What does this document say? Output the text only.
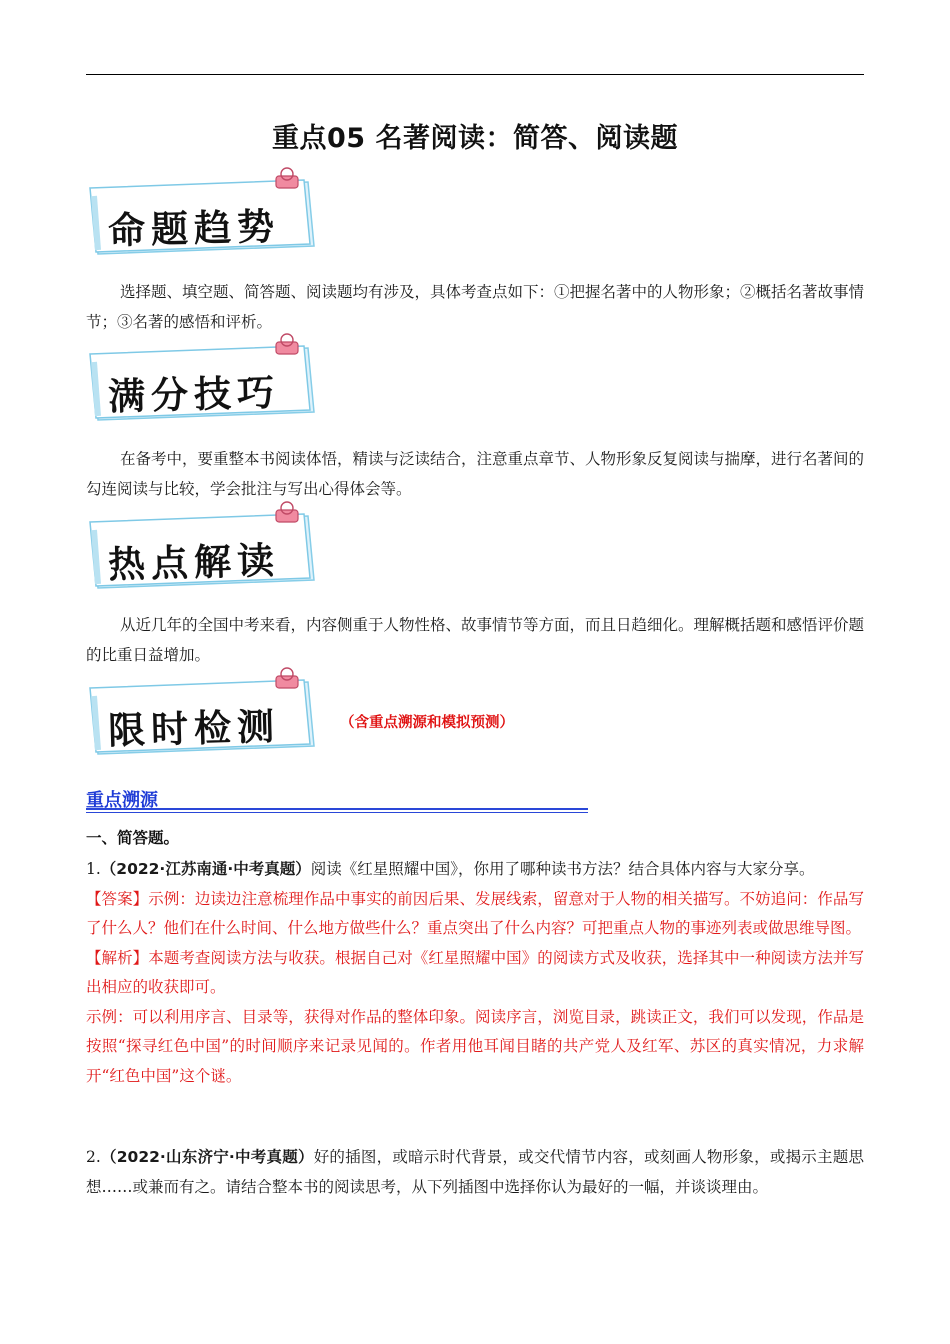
重点05 名著阅读：简答、阅读题
命题趋势
选择题、填空题、简答题、阅读题均有涉及，具体考查点如下：①把握名著中的人物形象；②概括名著故事情节；③名著的感悟和评析。
满分技巧
在备考中，要重整本书阅读体悟，精读与泛读结合，注意重点章节、人物形象反复阅读与揣摩，进行名著间的勾连阅读与比较，学会批注与写出心得体会等。
热点解读
从近几年的全国中考来看，内容侧重于人物性格、故事情节等方面，而且日趋细化。理解概括题和感悟评价题的比重日益增加。
限时检测	（含重点溯源和模拟预测）
重点溯源
一、简答题。
1.（2022·江苏南通·中考真题）阅读《红星照耀中国》，你用了哪种读书方法？结合具体内容与大家分享。
【答案】示例：边读边注意梳理作品中事实的前因后果、发展线索，留意对于人物的相关描写。不妨追问：作品写了什么人？他们在什么时间、什么地方做些什么？重点突出了什么内容？可把重点人物的事迹列表或做思维导图。
【解析】本题考查阅读方法与收获。根据自己对《红星照耀中国》的阅读方式及收获，选择其中一种阅读方法并写出相应的收获即可。
示例：可以利用序言、目录等，获得对作品的整体印象。阅读序言，浏览目录，跳读正文，我们可以发现，作品是按照“探寻红色中国”的时间顺序来记录见闻的。作者用他耳闻目睹的共产党人及红军、苏区的真实情况，力求解开“红色中国”这个谜。
2.（2022·山东济宁·中考真题）好的插图，或暗示时代背景，或交代情节内容，或刻画人物形象，或揭示主题思想……或兼而有之。请结合整本书的阅读思考，从下列插图中选择你认为最好的一幅，并谈谈理由。
